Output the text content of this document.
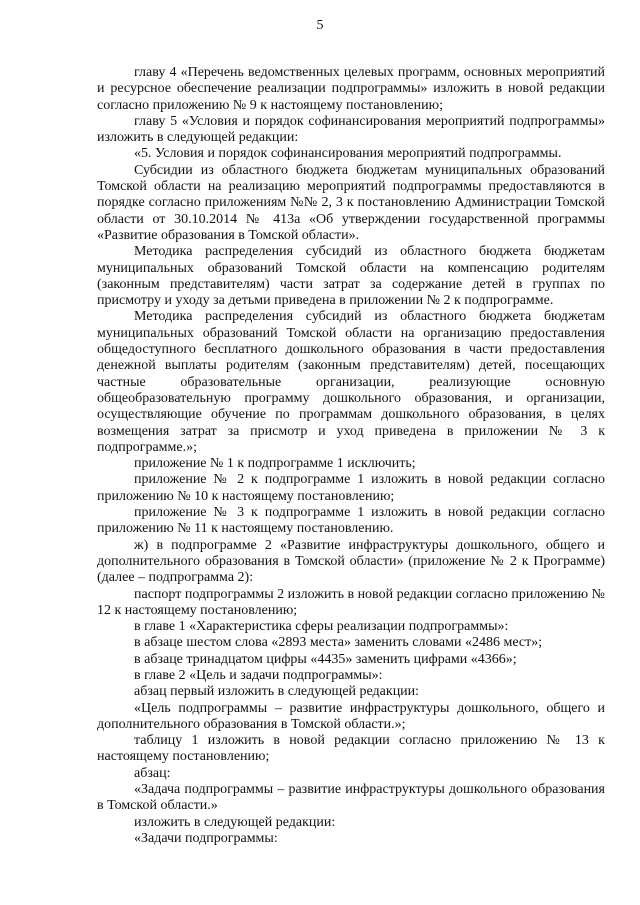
5

главу 4 «Перечень ведомственных целевых программ, основных мероприятий и ресурсное обеспечение реализации подпрограммы» изложить в новой редакции согласно приложению № 9 к настоящему постановлению;

главу 5 «Условия и порядок софинансирования мероприятий подпрограммы» изложить в следующей редакции:

«5. Условия и порядок софинансирования мероприятий подпрограммы.

Субсидии из областного бюджета бюджетам муниципальных образований Томской области на реализацию мероприятий подпрограммы предоставляются в порядке согласно приложениям №№ 2, 3 к постановлению Администрации Томской области от 30.10.2014 № 413а «Об утверждении государственной программы «Развитие образования в Томской области».

Методика распределения субсидий из областного бюджета бюджетам муниципальных образований Томской области на компенсацию родителям (законным представителям) части затрат за содержание детей в группах по присмотру и уходу за детьми приведена в приложении № 2 к подпрограмме.

Методика распределения субсидий из областного бюджета бюджетам муниципальных образований Томской области на организацию предоставления общедоступного бесплатного дошкольного образования в части предоставления денежной выплаты родителям (законным представителям) детей, посещающих частные образовательные организации, реализующие основную общеобразовательную программу дошкольного образования, и организации, осуществляющие обучение по программам дошкольного образования, в целях возмещения затрат за присмотр и уход приведена в приложении № 3 к подпрограмме.»;

приложение № 1 к подпрограмме 1 исключить;

приложение № 2 к подпрограмме 1 изложить в новой редакции согласно приложению № 10 к настоящему постановлению;

приложение № 3 к подпрограмме 1 изложить в новой редакции согласно приложению № 11 к настоящему постановлению.

ж) в подпрограмме 2 «Развитие инфраструктуры дошкольного, общего и дополнительного образования в Томской области» (приложение № 2 к Программе) (далее – подпрограмма 2):

паспорт подпрограммы 2 изложить в новой редакции согласно приложению № 12 к настоящему постановлению;

в главе 1 «Характеристика сферы реализации подпрограммы»:

в абзаце шестом слова «2893 места» заменить словами «2486 мест»;

в абзаце тринадцатом цифры «4435» заменить цифрами «4366»;

в главе 2 «Цель и задачи подпрограммы»:

абзац первый изложить в следующей редакции:

«Цель подпрограммы – развитие инфраструктуры дошкольного, общего и дополнительного образования в Томской области.»;

таблицу 1 изложить в новой редакции согласно приложению № 13 к настоящему постановлению;

абзац:

«Задача подпрограммы – развитие инфраструктуры дошкольного образования в Томской области.»

изложить в следующей редакции:

«Задачи подпрограммы:
